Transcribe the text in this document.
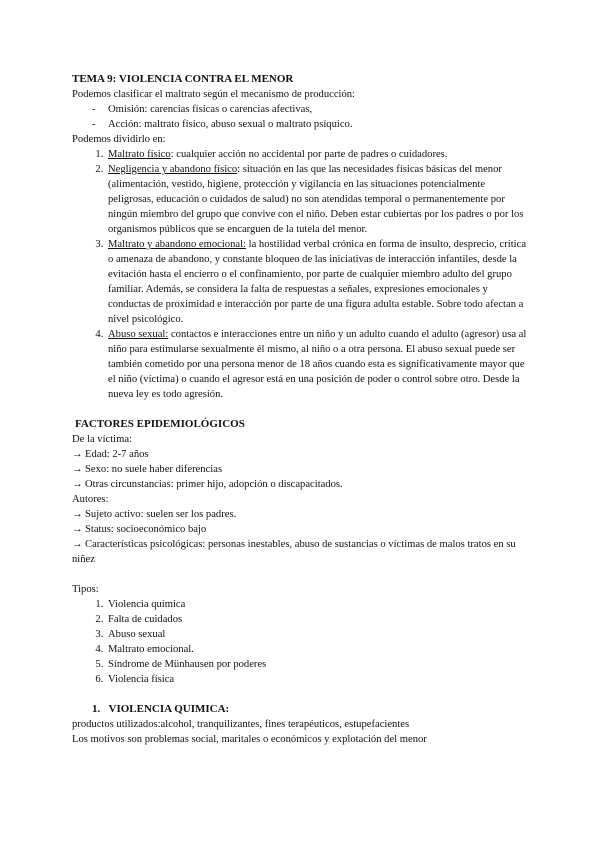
TEMA 9: VIOLENCIA CONTRA EL MENOR

Podemos clasificar el maltrato según el mecanismo de producción:

- Omisión: carencias físicas o carencias afectivas,
- Acción: maltrato físico, abuso sexual o maltrato psíquico.

Podemos dividirlo en:

1. Maltrato físico: cualquier acción no accidental por parte de padres o cuidadores.
2. Negligencia y abandono físico: situación en las que las necesidades físicas básicas del menor (alimentación, vestido, higiene, protección y vigilancia en las situaciones potencialmente peligrosas, educación o cuidados de salud) no son atendidas temporal o permanentemente por ningún miembro del grupo que convive con el niño. Deben estar cubiertas por los padres o por los organismos públicos que se encarguen de la tutela del menor.
3. Maltrato y abandono emocional: la hostilidad verbal crónica en forma de insulto, desprecio, crítica o amenaza de abandono, y constante bloqueo de las iniciativas de interacción infantiles, desde la evitación hasta el encierro o el confinamiento, por parte de cualquier miembro adulto del grupo familiar. Además, se considera la falta de respuestas a señales, expresiones emocionales y conductas de proximidad e interacción por parte de una figura adulta estable. Sobre todo afectan a nivel psicológico.
4. Abuso sexual: contactos e interacciones entre un niño y un adulto cuando el adulto (agresor) usa al niño para estimularse sexualmente él mismo, al niño o a otra persona. El abuso sexual puede ser también cometido por una persona menor de 18 años cuando esta es significativamente mayor que el niño (víctima) o cuando el agresor está en una posición de poder o control sobre otro. Desde la nueva ley es todo agresión.

FACTORES EPIDEMIOLÓGICOS

De la víctima:

→ Edad: 2-7 años

→ Sexo: no suele haber diferencias

→ Otras circunstancias: primer hijo, adopción o discapacitados.

Autores:

→ Sujeto activo: suelen ser los padres.

→ Status: socioeconómico bajo

→ Características psicológicas: personas inestables, abuso de sustancias o víctimas de malos tratos en su niñez

Tipos:

1. Violencia química
2. Falta de cuidados
3. Abuso sexual
4. Maltrato emocional.
5. Síndrome de Münhausen por poderes
6. Violencia física

1. VIOLENCIA QUIMICA:

productos utilizados:alcohol, tranquilizantes, fines terapéuticos, estupefacientes

Los motivos son problemas social, maritales o económicos y explotación del menor
